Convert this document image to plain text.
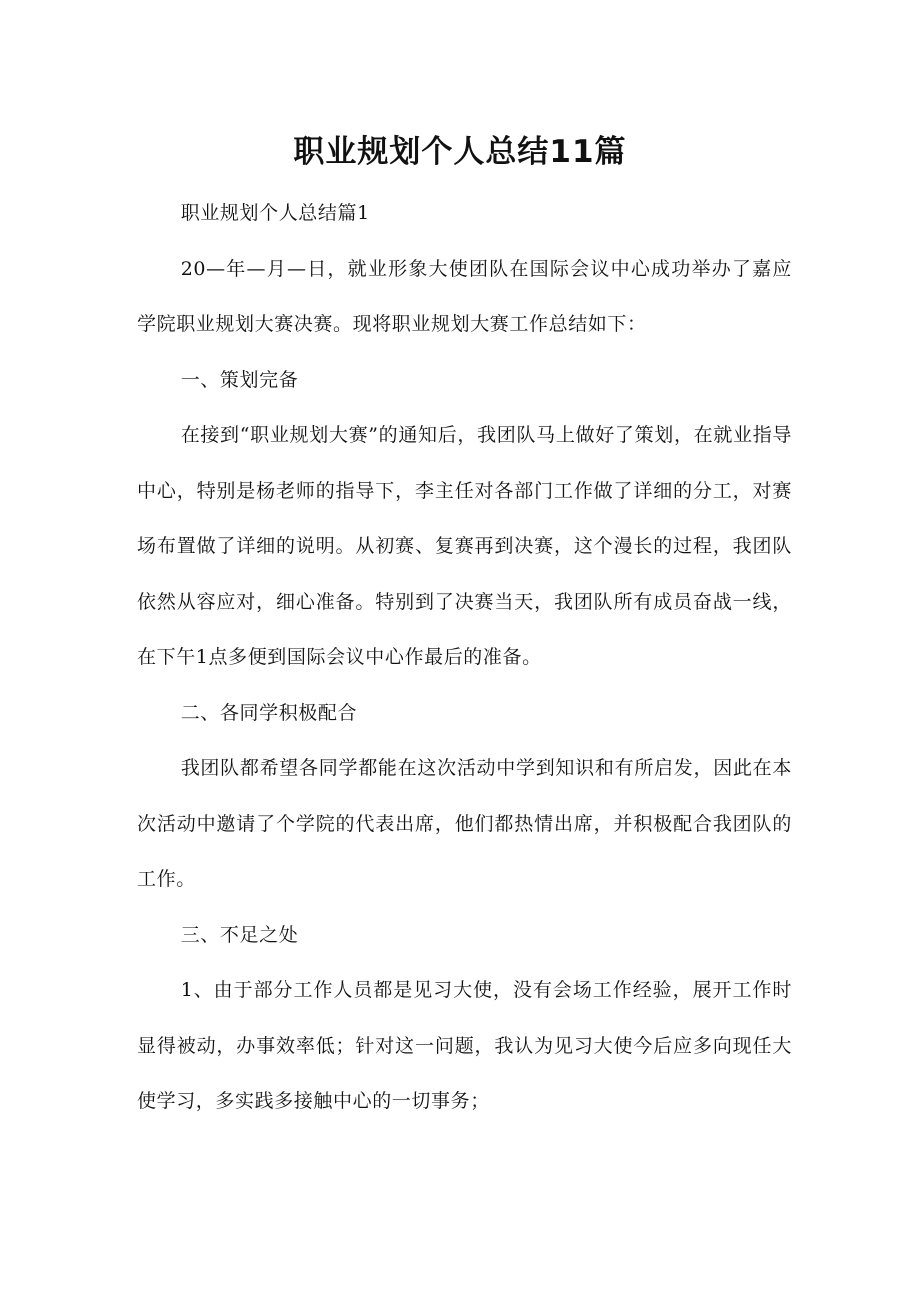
职业规划个人总结11篇

职业规划个人总结篇1

20—年—月—日，就业形象大使团队在国际会议中心成功举办了嘉应学院职业规划大赛决赛。现将职业规划大赛工作总结如下：

一、策划完备

在接到“职业规划大赛”的通知后，我团队马上做好了策划，在就业指导中心，特别是杨老师的指导下，李主任对各部门工作做了详细的分工，对赛场布置做了详细的说明。从初赛、复赛再到决赛，这个漫长的过程，我团队依然从容应对，细心准备。特别到了决赛当天，我团队所有成员奋战一线，在下午1点多便到国际会议中心作最后的准备。

二、各同学积极配合

我团队都希望各同学都能在这次活动中学到知识和有所启发，因此在本次活动中邀请了个学院的代表出席，他们都热情出席，并积极配合我团队的工作。

三、不足之处

1、由于部分工作人员都是见习大使，没有会场工作经验，展开工作时显得被动，办事效率低；针对这一问题，我认为见习大使今后应多向现任大使学习，多实践多接触中心的一切事务；
